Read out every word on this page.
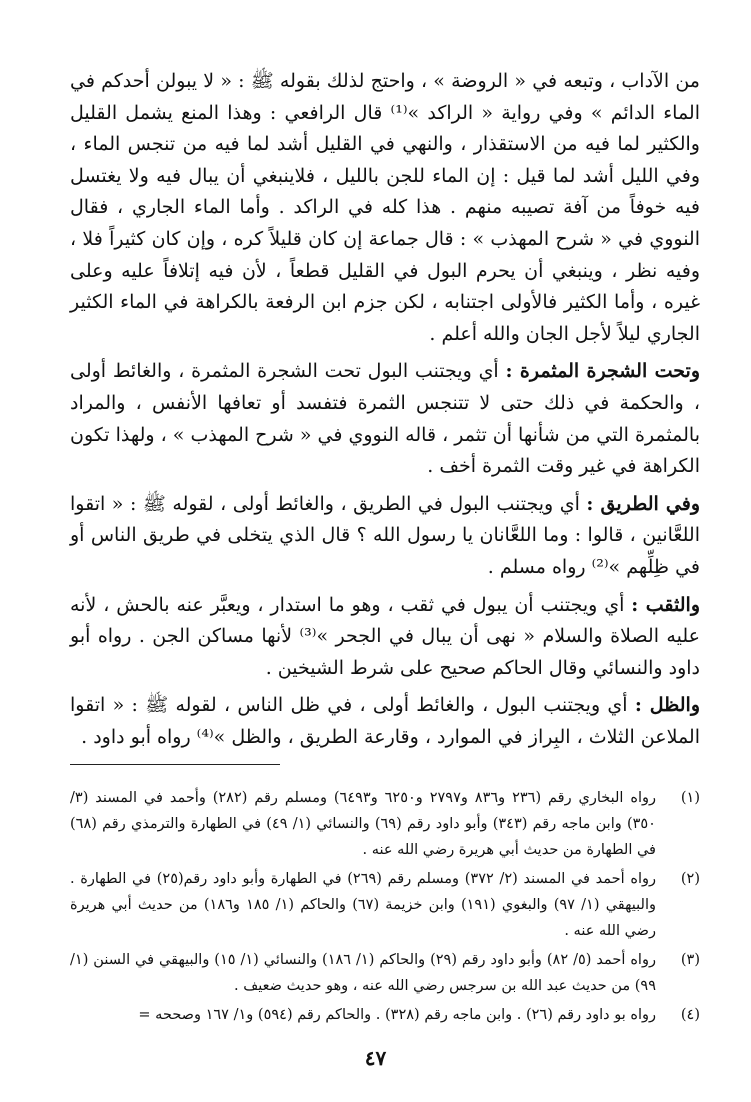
من الآداب ، وتبعه في « الروضة » ، واحتج لذلك بقوله ﷺ : « لا يبولن أحدكم في الماء الدائم » وفي رواية « الراكد »⁽¹⁾ قال الرافعي : وهذا المنع يشمل القليل والكثير لما فيه من الاستقذار ، والنهي في القليل أشد لما فيه من تنجس الماء ، وفي الليل أشد لما قيل : إن الماء للجن بالليل ، فلاينبغي أن يبال فيه ولا يغتسل فيه خوفاً من آفة تصيبه منهم . هذا كله في الراكد . وأما الماء الجاري ، فقال النووي في « شرح المهذب » : قال جماعة إن كان قليلاً كره ، وإن كان كثيراً فلا ، وفيه نظر ، وينبغي أن يحرم البول في القليل قطعاً ، لأن فيه إتلافاً عليه وعلى غيره ، وأما الكثير فالأولى اجتنابه ، لكن جزم ابن الرفعة بالكراهة في الماء الكثير الجاري ليلاً لأجل الجان والله أعلم .

وتحت الشجرة المثمرة : أي ويجتنب البول تحت الشجرة المثمرة ، والغائط أولى ، والحكمة في ذلك حتى لا تتنجس الثمرة فتفسد أو تعافها الأنفس ، والمراد بالمثمرة التي من شأنها أن تثمر ، قاله النووي في « شرح المهذب » ، ولهذا تكون الكراهة في غير وقت الثمرة أخف .

وفي الطريق : أي ويجتنب البول في الطريق ، والغائط أولى ، لقوله ﷺ : « اتقوا اللعَّانين ، قالوا : وما اللعَّانان يا رسول الله ؟ قال الذي يتخلى في طريق الناس أو في ظِلِّهم »⁽²⁾ رواه مسلم .

والثقب : أي ويجتنب أن يبول في ثقب ، وهو ما استدار ، ويعبَّر عنه بالحش ، لأنه عليه الصلاة والسلام « نهى أن يبال في الجحر »⁽³⁾ لأنها مساكن الجن . رواه أبو داود والنسائي وقال الحاكم صحيح على شرط الشيخين .

والظل : أي ويجتنب البول ، والغائط أولى ، في ظل الناس ، لقوله ﷺ : « اتقوا الملاعن الثلاث ، البِراز في الموارد ، وقارعة الطريق ، والظل »⁽⁴⁾ رواه أبو داود .

(١)
رواه البخاري رقم (٢٣٦ و٨٣٦ و٢٧٩٧ و٦٢٥٠ و٦٤٩٣) ومسلم رقم (٢٨٢) وأحمد في المسند (٣/ ٣٥٠) وابن ماجه رقم (٣٤٣) وأبو داود رقم (٦٩) والنسائي (١/ ٤٩) في الطهارة والترمذي رقم (٦٨) في الطهارة من حديث أبي هريرة رضي الله عنه .
(٢)
رواه أحمد في المسند (٢/ ٣٧٢) ومسلم رقم (٢٦٩) في الطهارة وأبو داود رقم(٢٥) في الطهارة . والبيهقي (١/ ٩٧) والبغوي (١٩١) وابن خزيمة (٦٧) والحاكم (١/ ١٨٥ و١٨٦) من حديث أبي هريرة رضي الله عنه .
(٣)
رواه أحمد (٥/ ٨٢) وأبو داود رقم (٢٩) والحاكم (١/ ١٨٦) والنسائي (١/ ١٥) والبيهقي في السنن (١/ ٩٩) من حديث عبد الله بن سرجس رضي الله عنه ، وهو حديث ضعيف .
(٤)
رواه بو داود رقم (٢٦) . وابن ماجه رقم (٣٢٨) . والحاكم رقم (٥٩٤) و١/ ١٦٧ وصححه =
٤٧
